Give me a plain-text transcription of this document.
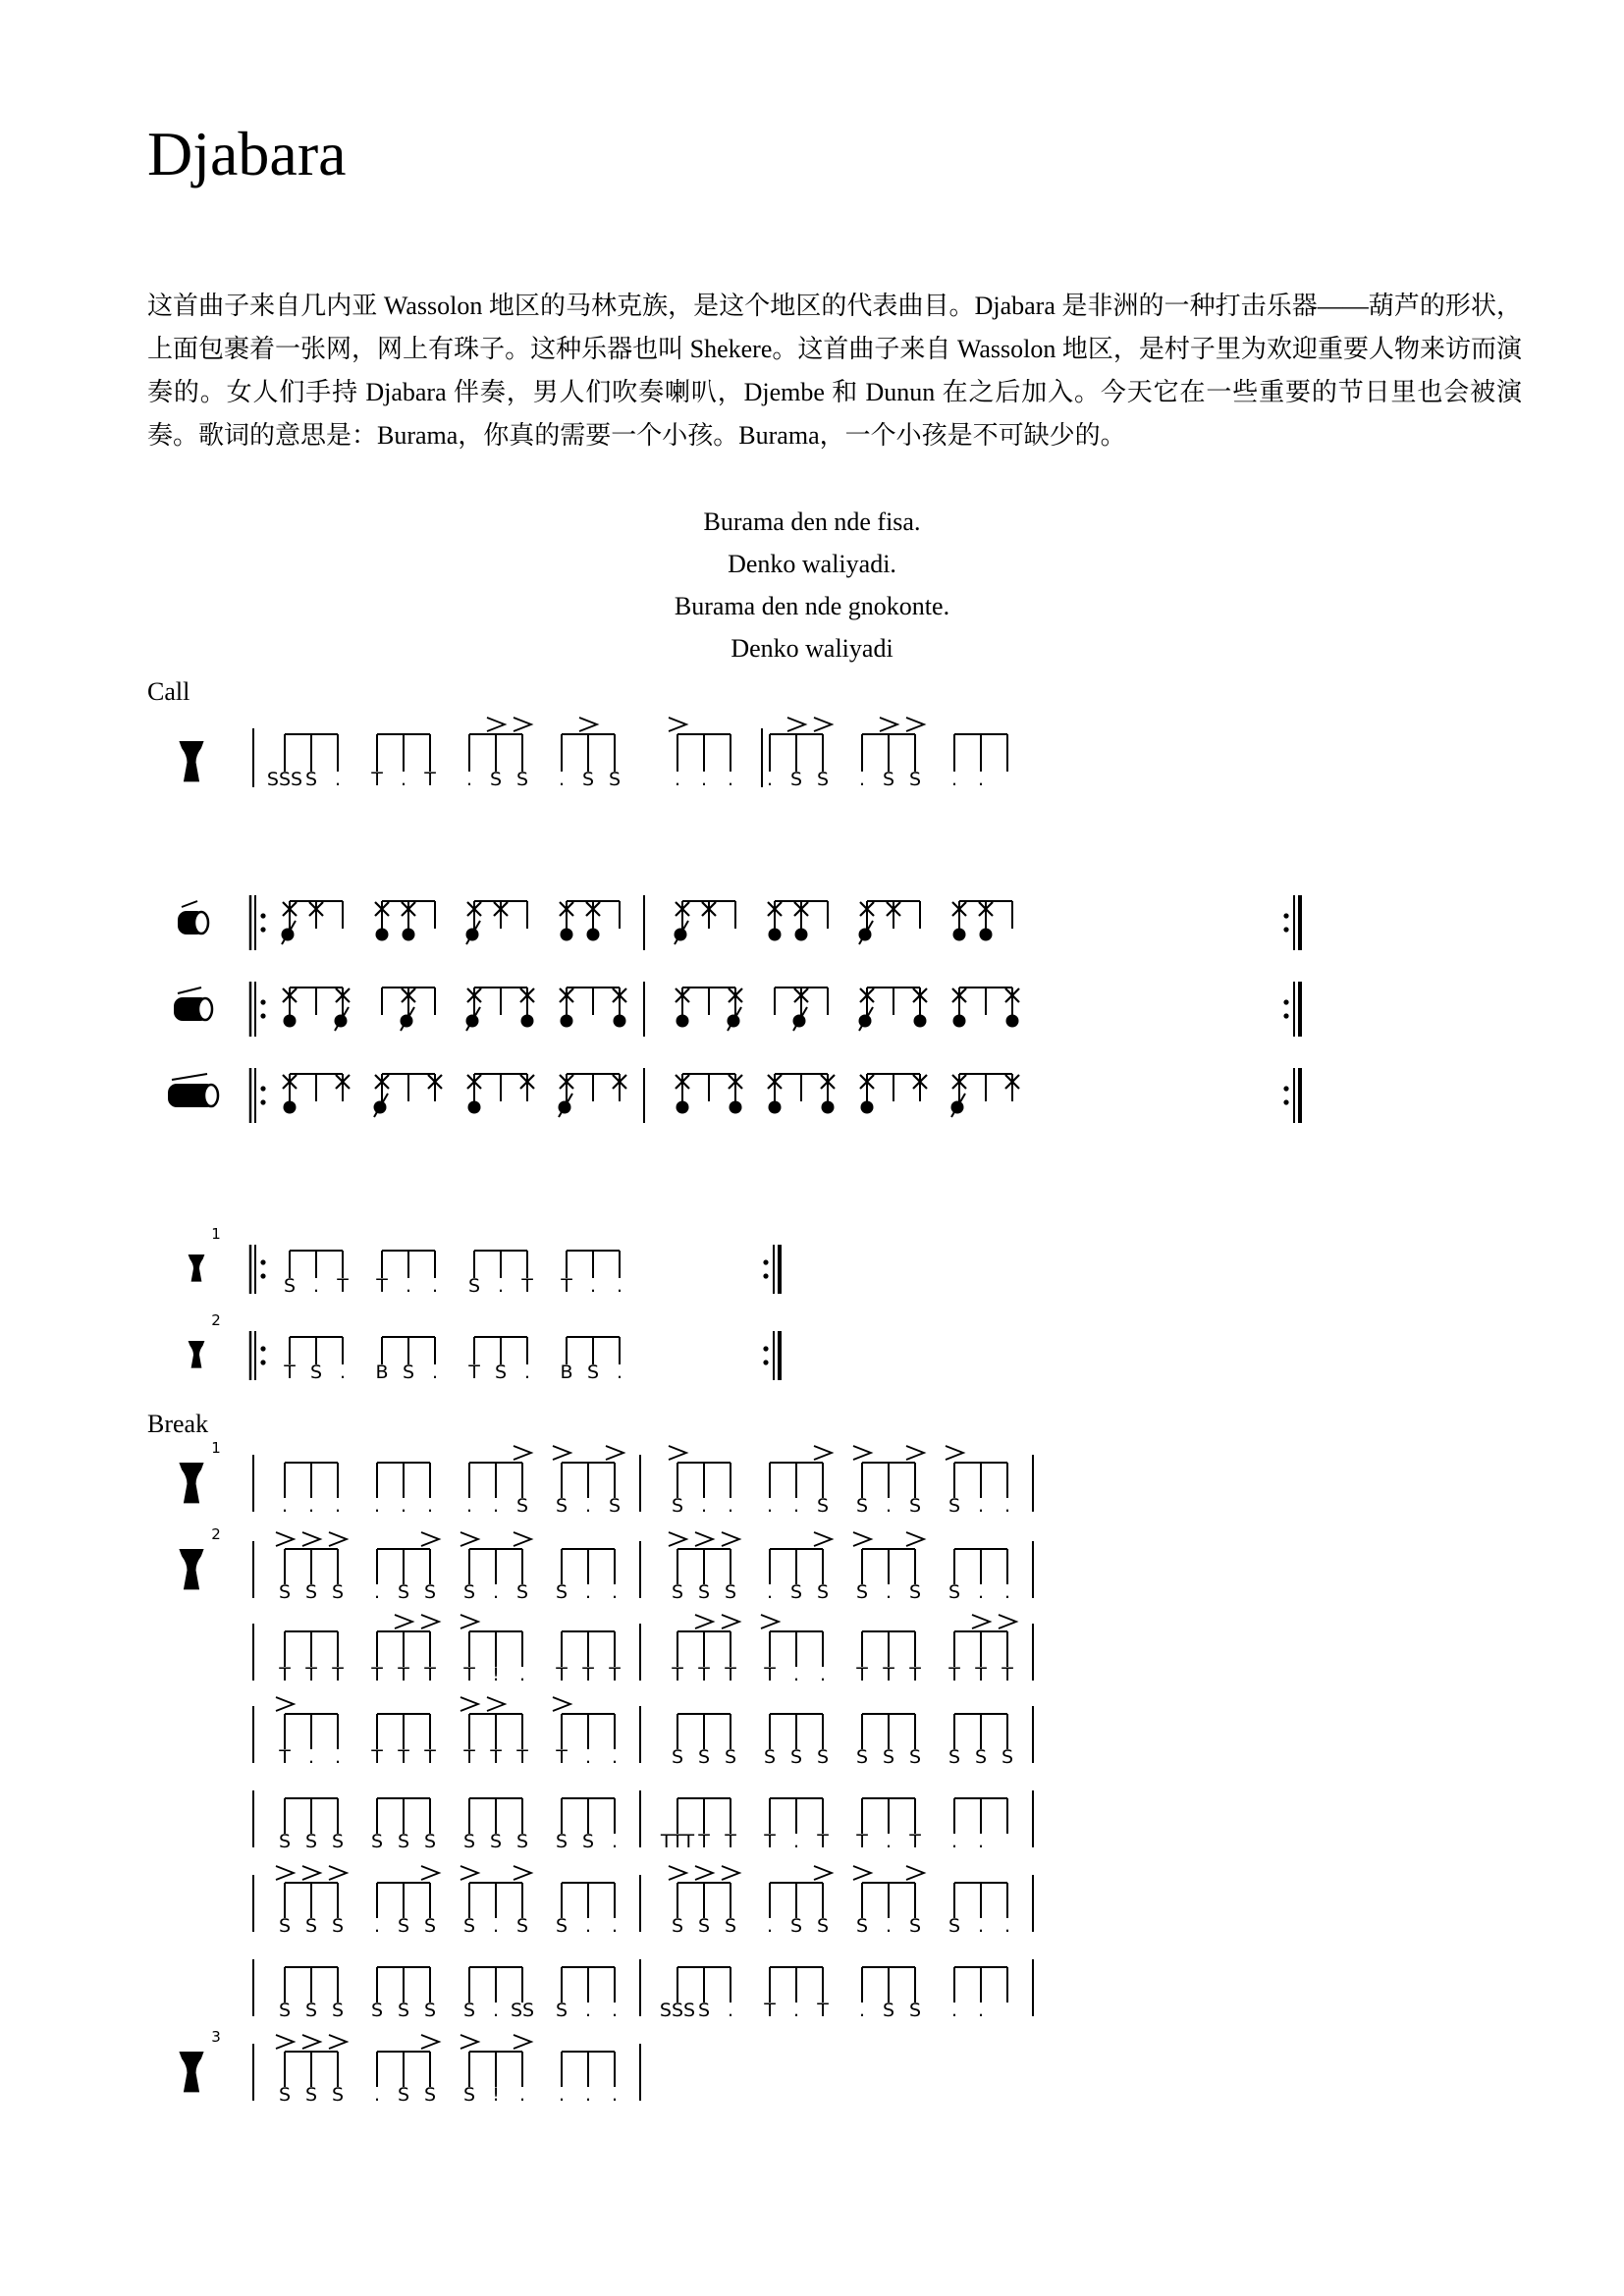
Djabara

这首曲子来自几内亚 Wassolon 地区的马林克族，是这个地区的代表曲目。Djabara 是非洲的一种打击乐器——葫芦的形状，上面包裹着一张网，网上有珠子。这种乐器也叫 Shekere。这首曲子来自 Wassolon 地区，是村子里为欢迎重要人物来访而演奏的。女人们手持 Djabara 伴奏，男人们吹奏喇叭，Djembe 和 Dunun 在之后加入。今天它在一些重要的节日里也会被演奏。歌词的意思是：Burama，你真的需要一个小孩。Burama，一个小孩是不可缺少的。

Burama den nde fisa.
Denko waliyadi.
Burama den nde gnokonte.
Denko waliyadi
Call
Break
SSS S . T . T . S S . S S	. . . . S S . S S . .
1
S . T T . . S . T T . .
2
T S . B S . T S . B S .
1
. . . . . . . . S S . S	S . . . . S S . S S . .
2
S S S . S S S . S S . .	S S S . S S S . S S . .
T T T T T T T ! . T T T	T T T T . . T T T T T T
T . . T T T T T T T . .	S S S S S S S S S S S S
S S S S S S S S S S S . TTT T T T . T T . T . .
S S S . S S S . S S . .	S S S . S S S . S S . .
S S S S S S S . SS S . . SSS S . T . T . S S . .
3
S S S . S S S ! . . . .
